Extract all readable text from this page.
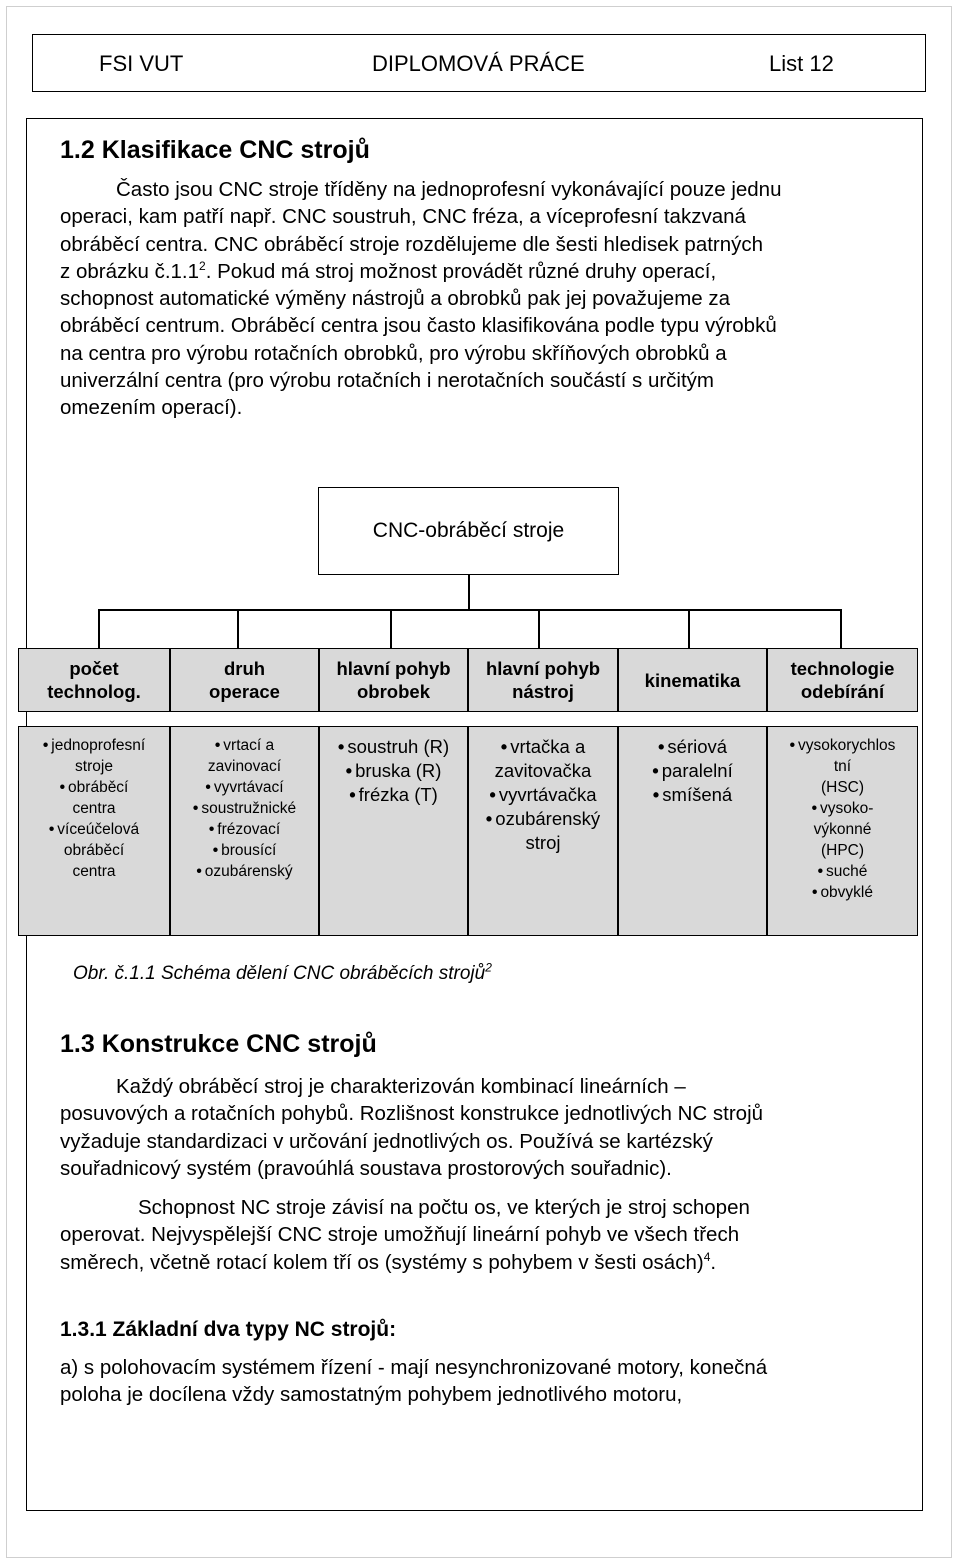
FSI VUT	DIPLOMOVÁ PRÁCE	List 12
1.2 Klasifikace CNC strojů
Často jsou CNC stroje tříděny na jednoprofesní vykonávající pouze jednu
operaci, kam patří např. CNC soustruh, CNC fréza, a víceprofesní takzvaná
obráběcí centra. CNC obráběcí stroje rozdělujeme dle šesti hledisek patrných
z obrázku č.1.1$^2$. Pokud má stroj možnost provádět různé druhy operací,
schopnost automatické výměny nástrojů a obrobků pak jej považujeme za
obráběcí centrum. Obráběcí centra jsou často klasifikována podle typu výrobků
na centra pro výrobu rotačních obrobků, pro výrobu skříňových obrobků a
univerzální centra (pro výrobu rotačních i nerotačních součástí s určitým
omezením operací).
CNC-obráběcí stroje
počet technolog.
druh operace
hlavní pohyb obrobek
hlavní pohyb nástroj
kinematika
technologie odebírání
• jednoprofesní
stroje
• obráběcí
centra
• víceúčelová
obráběcí
centra
• vrtací a
zavinovací
• vyvrtávací
• soustružnické
• frézovací
• brousící
• ozubárenský
• soustruh (R)
• bruska (R)
• frézka (T)
• vrtačka a
zavitovačka
• vyvrtávačka
• ozubárenský
stroj
• sériová
• paralelní
• smíšená
• vysokorychlos
tní
(HSC)
• vysoko-
výkonné
(HPC)
• suché
• obvyklé
Obr. č.1.1 Schéma dělení CNC obráběcích strojů$^2$
1.3 Konstrukce CNC strojů
Každý obráběcí stroj je charakterizován kombinací lineárních –
posuvových a rotačních pohybů. Rozlišnost konstrukce jednotlivých NC strojů
vyžaduje standardizaci v určování jednotlivých os. Používá se kartézský
souřadnicový systém (pravoúhlá soustava prostorových souřadnic).
Schopnost NC stroje závisí na počtu os, ve kterých je stroj schopen
operovat. Nejvyspělejší CNC stroje umožňují lineární pohyb ve všech třech
směrech, včetně rotací kolem tří os (systémy s pohybem v šesti osách)$^4$.
1.3.1 Základní dva typy NC strojů:
a) s polohovacím systémem řízení - mají nesynchronizované motory, konečná
poloha je docílena vždy samostatným pohybem jednotlivého motoru,
